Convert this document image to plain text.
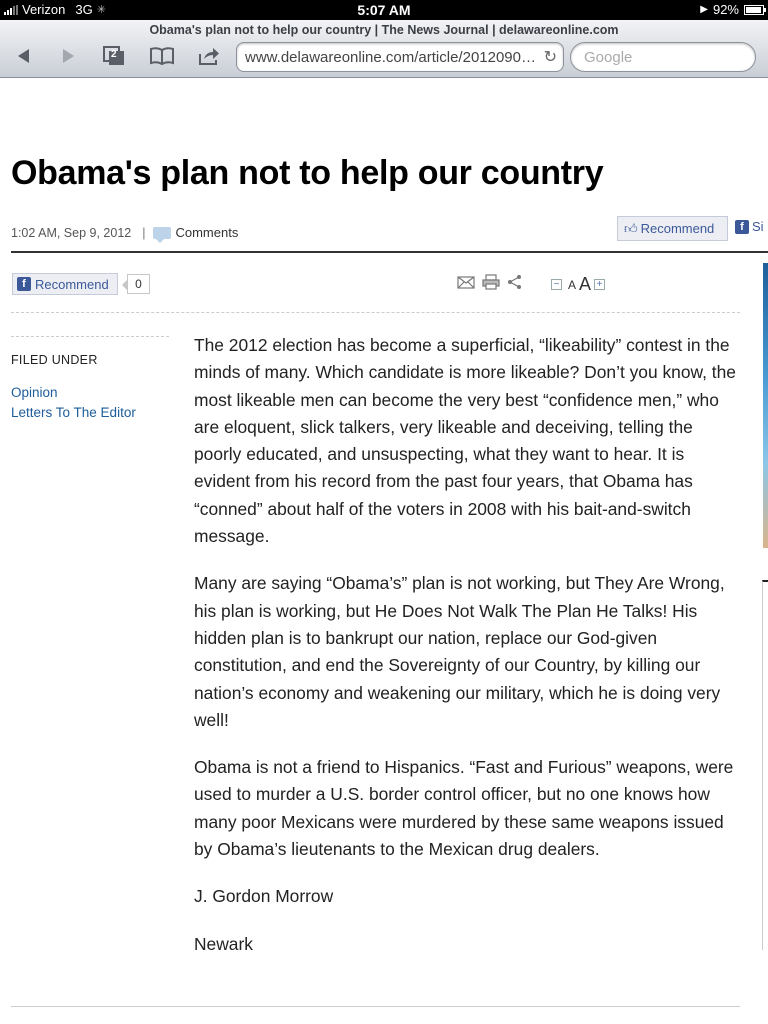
Verizon 3G ✳	5:07 AM	▶ 92%
Obama's plan not to help our country | The News Journal | delawareonline.com
2	www.delawareonline.com/article/2012090… ↻	Google
Obama's plan not to help our country
1:02 AM, Sep 9, 2012 | Comments	👍︎ Recommend	f Si
f Recommend	0	− A A +
FILED UNDER
Opinion
Letters To The Editor

The 2012 election has become a superficial, “likeability” contest in the minds of many. Which candidate is more likeable? Don’t you know, the most likeable men can become the very best “confidence men,” who are eloquent, slick talkers, very likeable and deceiving, telling the poorly educated, and unsuspecting, what they want to hear. It is evident from his record from the past four years, that Obama has “conned” about half of the voters in 2008 with his bait-and-switch message.

Many are saying “Obama’s” plan is not working, but They Are Wrong, his plan is working, but He Does Not Walk The Plan He Talks! His hidden plan is to bankrupt our nation, replace our God-given constitution, and end the Sovereignty of our Country, by killing our nation’s economy and weakening our military, which he is doing very well!

Obama is not a friend to Hispanics. “Fast and Furious” weapons, were used to murder a U.S. border control officer, but no one knows how many poor Mexicans were murdered by these same weapons issued by Obama’s lieutenants to the Mexican drug dealers.

J. Gordon Morrow

Newark
